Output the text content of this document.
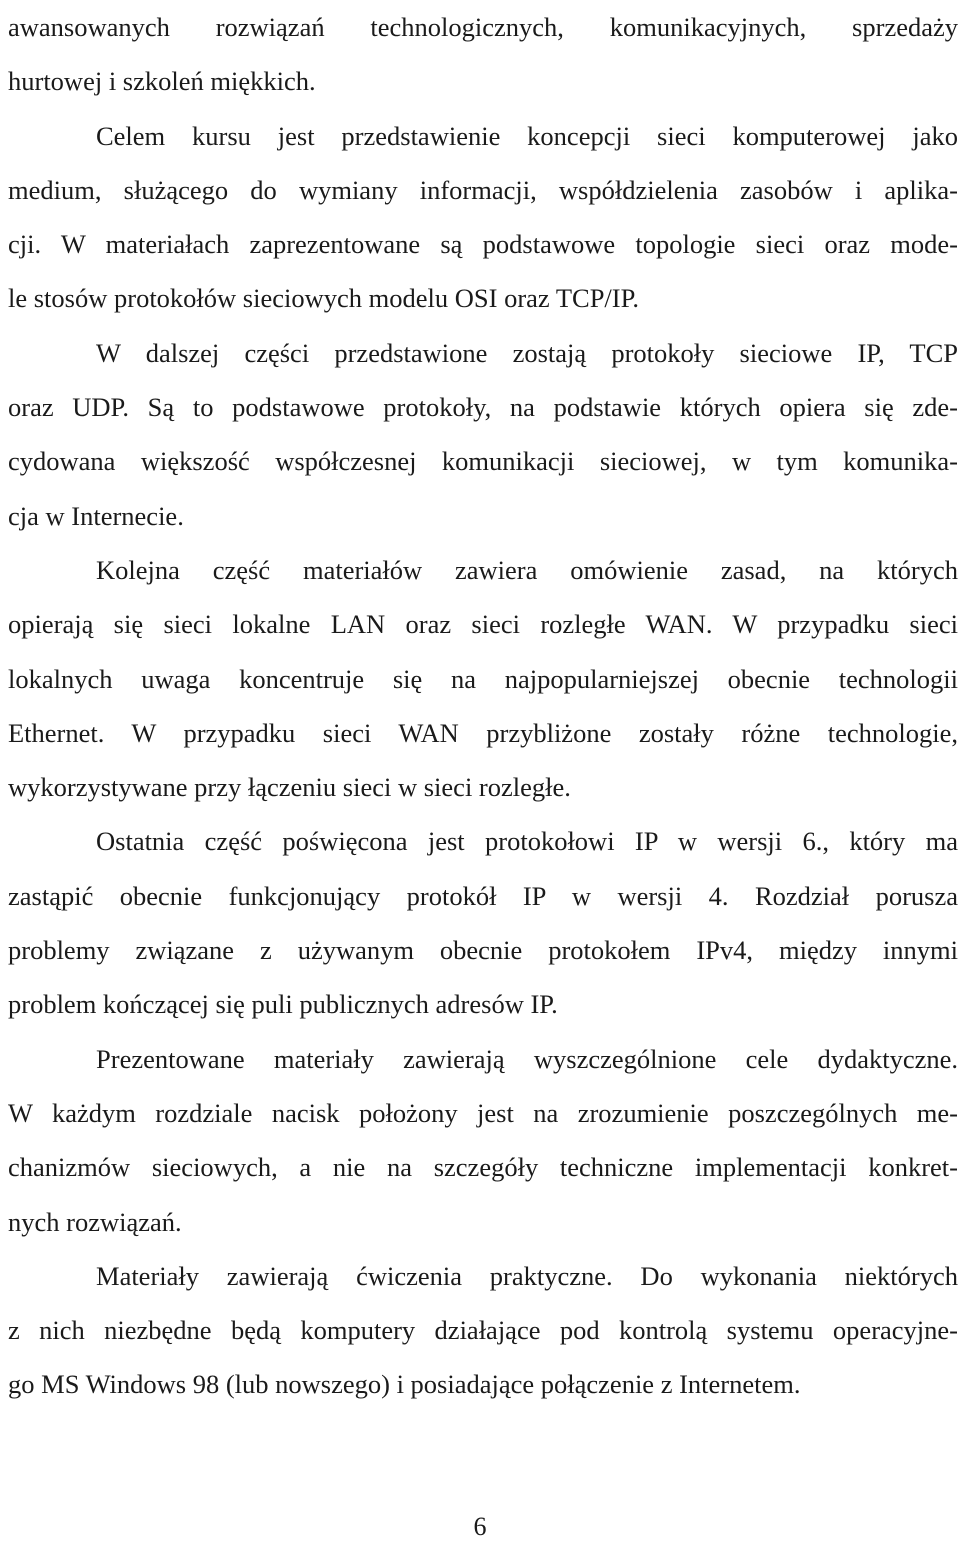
awansowanych rozwiązań technologicznych, komunikacyjnych, sprzedaży
hurtowej i szkoleń miękkich.
Celem kursu jest przedstawienie koncepcji sieci komputerowej jako
medium, służącego do wymiany informacji, współdzielenia zasobów i aplika-
cji. W materiałach zaprezentowane są podstawowe topologie sieci oraz mode-
le stosów protokołów sieciowych modelu OSI oraz TCP/IP.
W dalszej części przedstawione zostają protokoły sieciowe IP, TCP
oraz UDP. Są to podstawowe protokoły, na podstawie których opiera się zde-
cydowana większość współczesnej komunikacji sieciowej, w tym komunika-
cja w Internecie.
Kolejna część materiałów zawiera omówienie zasad, na których
opierają się sieci lokalne LAN oraz sieci rozległe WAN. W przypadku sieci
lokalnych uwaga koncentruje się na najpopularniejszej obecnie technologii
Ethernet. W przypadku sieci WAN przybliżone zostały różne technologie,
wykorzystywane przy łączeniu sieci w sieci rozległe.
Ostatnia część poświęcona jest protokołowi IP w wersji 6., który ma
zastąpić obecnie funkcjonujący protokół IP w wersji 4. Rozdział porusza
problemy związane z używanym obecnie protokołem IPv4, między innymi
problem kończącej się puli publicznych adresów IP.
Prezentowane materiały zawierają wyszczególnione cele dydaktyczne.
W każdym rozdziale nacisk położony jest na zrozumienie poszczególnych me-
chanizmów sieciowych, a nie na szczegóły techniczne implementacji konkret-
nych rozwiązań.
Materiały zawierają ćwiczenia praktyczne. Do wykonania niektórych
z nich niezbędne będą komputery działające pod kontrolą systemu operacyjne-
go MS Windows 98 (lub nowszego) i posiadające połączenie z Internetem.
6
